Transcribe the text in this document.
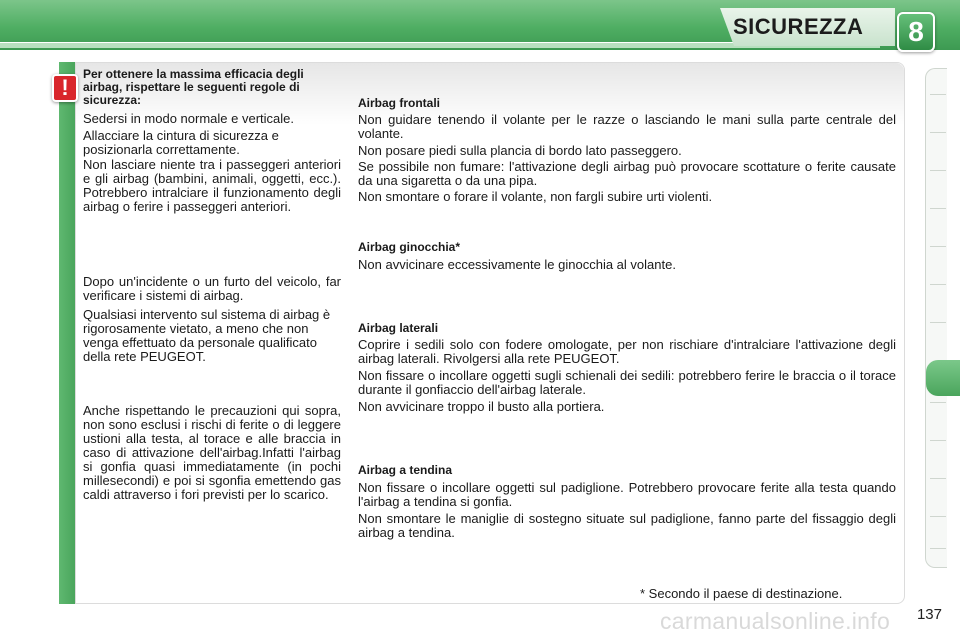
SICUREZZA	8
!
Per ottenere la massima efficacia degli airbag, rispettare le seguenti regole di sicurezza:
Sedersi in modo normale e verticale.
Allacciare la cintura di sicurezza e posizionarla correttamente.
Non lasciare niente tra i passeggeri anteriori e gli airbag (bambini, animali, oggetti, ecc.). Potrebbero intralciare il funzionamento degli airbag o ferire i passeggeri anteriori.
Dopo un'incidente o un furto del veicolo, far verificare i sistemi di airbag.
Qualsiasi intervento sul sistema di airbag è rigorosamente vietato, a meno che non venga effettuato da personale qualificato della rete PEUGEOT.
Anche rispettando le precauzioni qui sopra, non sono esclusi i rischi di ferite o di leggere ustioni alla testa, al torace e alle braccia in caso di attivazione dell'airbag.Infatti l'airbag si gonfia quasi immediatamente (in pochi millesecondi) e poi si sgonfia emettendo gas caldi attraverso i fori previsti per lo scarico.
Airbag frontali
Non guidare tenendo il volante per le razze o lasciando le mani sulla parte centrale del volante.
Non posare piedi sulla plancia di bordo lato passeggero.
Se possibile non fumare: l'attivazione degli airbag può provocare scottature o ferite causate da una sigaretta o da una pipa.
Non smontare o forare il volante, non fargli subire urti violenti.
Airbag ginocchia*
Non avvicinare eccessivamente le ginocchia al volante.
Airbag laterali
Coprire i sedili solo con fodere omologate, per non rischiare d'intralciare l'attivazione degli airbag laterali. Rivolgersi alla rete PEUGEOT.
Non fissare o incollare oggetti sugli schienali dei sedili: potrebbero ferire le braccia o il torace durante il gonfiaccio dell'airbag laterale.
Non avvicinare troppo il busto alla portiera.
Airbag a tendina
Non fissare o incollare oggetti sul padiglione. Potrebbero provocare ferite alla testa quando l'airbag a tendina si gonfia.
Non smontare le maniglie di sostegno situate sul padiglione, fanno parte del fissaggio degli airbag a tendina.
* Secondo il paese di destinazione.
137
carmanualsonline.info
